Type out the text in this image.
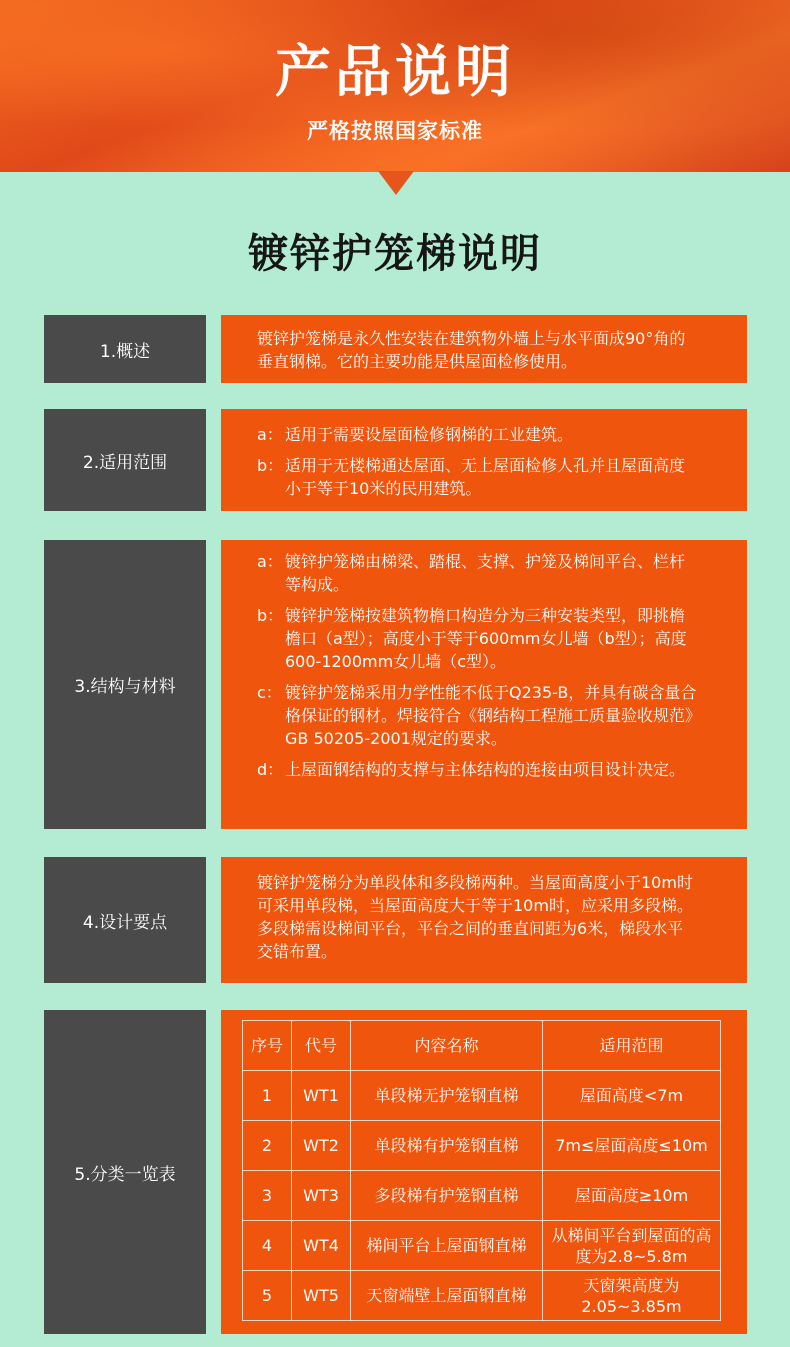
产品说明
严格按照国家标准
镀锌护笼梯说明
1.概述

镀锌护笼梯是永久性安装在建筑物外墙上与水平面成90°角的垂直钢梯。它的主要功能是供屋面检修使用。

2.适用范围
a： 适用于需要设屋面检修钢梯的工业建筑。
b： 适用于无楼梯通达屋面、无上屋面检修人孔并且屋面高度小于等于10米的民用建筑。
3.结构与材料
a： 镀锌护笼梯由梯梁、踏棍、支撑、护笼及梯间平台、栏杆等构成。
b： 镀锌护笼梯按建筑物檐口构造分为三种安装类型，即挑檐檐口（a型）；高度小于等于600mm女儿墙（b型）；高度600-1200mm女儿墙（c型）。
c： 镀锌护笼梯采用力学性能不低于Q235-B，并具有碳含量合格保证的钢材。焊接符合《钢结构工程施工质量验收规范》GB 50205-2001规定的要求。
d： 上屋面钢结构的支撑与主体结构的连接由项目设计决定。
4.设计要点

镀锌护笼梯分为单段体和多段梯两种。当屋面高度小于10m时可采用单段梯，当屋面高度大于等于10m时，应采用多段梯。多段梯需设梯间平台，平台之间的垂直间距为6米，梯段水平交错布置。

5.分类一览表
序号	代号	内容名称	适用范围
1	WT1	单段梯无护笼钢直梯	屋面高度<7m
2	WT2	单段梯有护笼钢直梯	7m≤屋面高度≤10m
3	WT3	多段梯有护笼钢直梯	屋面高度≥10m
4	WT4	梯间平台上屋面钢直梯	从梯间平台到屋面的高度为2.8~5.8m
5	WT5	天窗端壁上屋面钢直梯	天窗架高度为2.05~3.85m
